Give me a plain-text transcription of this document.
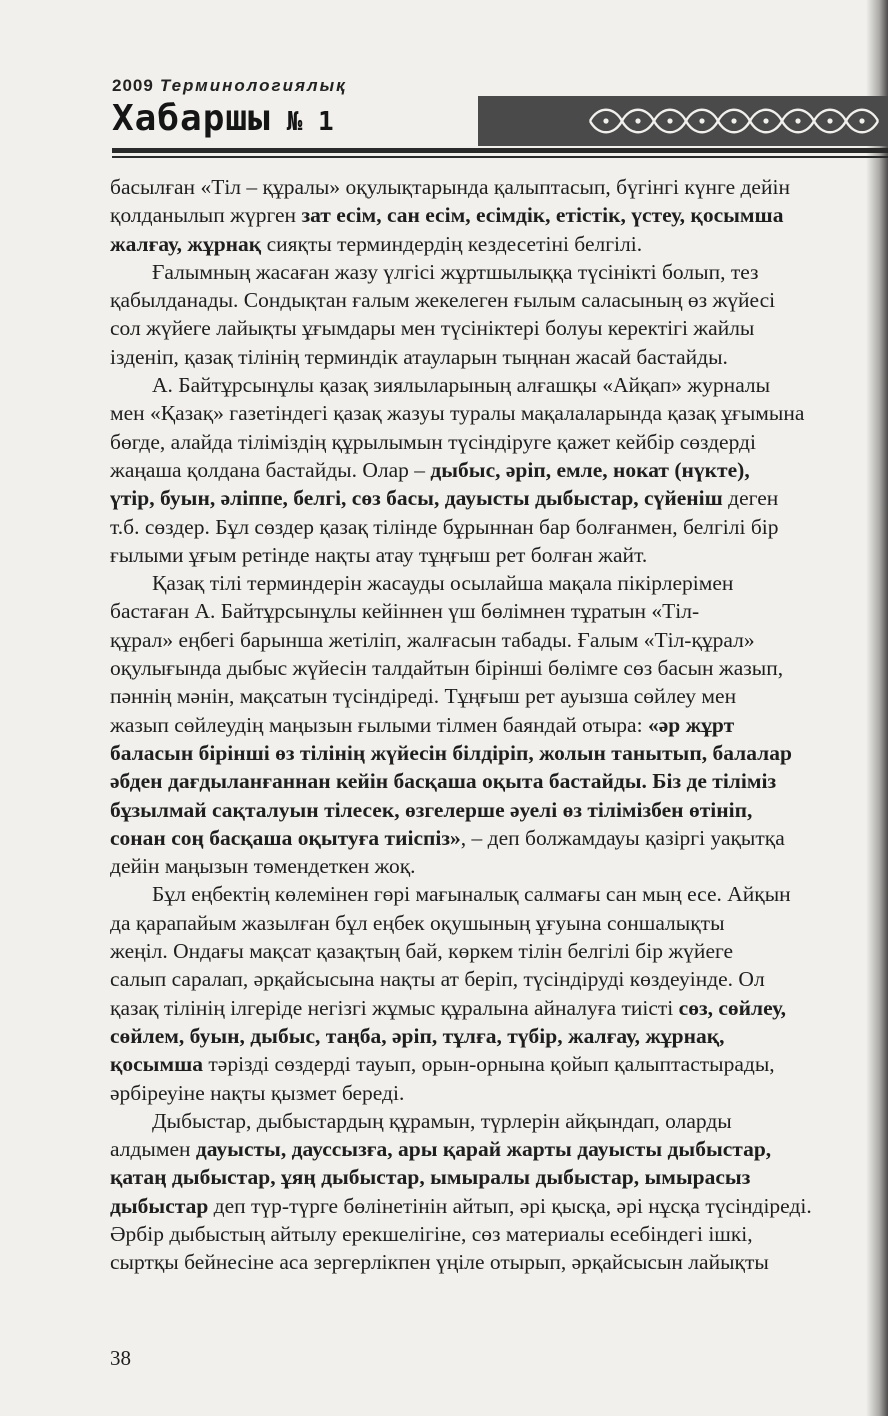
2009 Терминологиялық
Хабаршы № 1
басылған «Тіл – құралы» оқулықтарында қалыптасып, бүгінгі күнге дейін
қолданылып жүрген зат есім, сан есім, есімдік, етістік, үстеу, қосымша
жалғау, жұрнақ сияқты терминдердің кездесетіні белгілі.
Ғалымның жасаған жазу үлгісі жұртшылыққа түсінікті болып, тез
қабылданады. Сондықтан ғалым жекелеген ғылым саласының өз жүйесі
сол жүйеге лайықты ұғымдары мен түсініктері болуы керектігі жайлы
ізденіп, қазақ тілінің терминдік атауларын тыңнан жасай бастайды.
А. Байтұрсынұлы қазақ зиялыларының алғашқы «Айқап» журналы
мен «Қазақ» газетіндегі қазақ жазуы туралы мақалаларында қазақ ұғымына
бөгде, алайда тіліміздің құрылымын түсіндіруге қажет кейбір сөздерді
жаңаша қолдана бастайды. Олар – дыбыс, әріп, емле, нокат (нүкте),
үтір, буын, әліппе, белгі, сөз басы, дауысты дыбыстар, сүйеніш деген
т.б. сөздер. Бұл сөздер қазақ тілінде бұрыннан бар болғанмен, белгілі бір
ғылыми ұғым ретінде нақты атау тұңғыш рет болған жайт.
Қазақ тілі терминдерін жасауды осылайша мақала пікірлерімен
бастаған А. Байтұрсынұлы кейіннен үш бөлімнен тұратын «Тіл-
құрал» еңбегі барынша жетіліп, жалғасын табады. Ғалым «Тіл-құрал»
оқулығында дыбыс жүйесін талдайтын бірінші бөлімге сөз басын жазып,
пәннің мәнін, мақсатын түсіндіреді. Тұңғыш рет ауызша сөйлеу мен
жазып сөйлеудің маңызын ғылыми тілмен баяндай отыра: «әр жұрт
баласын бірінші өз тілінің жүйесін білдіріп, жолын танытып, балалар
әбден дағдыланғаннан кейін басқаша оқыта бастайды. Біз де тіліміз
бұзылмай сақталуын тілесек, өзгелерше әуелі өз тілімізбен өтініп,
сонан соң басқаша оқытуға тиіспіз», – деп болжамдауы қазіргі уақытқа
дейін маңызын төмендеткен жоқ.
Бұл еңбектің көлемінен гөрі мағыналық салмағы сан мың есе. Айқын
да қарапайым жазылған бұл еңбек оқушының ұғуына соншалықты
жеңіл. Ондағы мақсат қазақтың бай, көркем тілін белгілі бір жүйеге
салып саралап, әрқайсысына нақты ат беріп, түсіндіруді көздеуінде. Ол
қазақ тілінің ілгеріде негізгі жұмыс құралына айналуға тиісті сөз, сөйлеу,
сөйлем, буын, дыбыс, таңба, әріп, тұлға, түбір, жалғау, жұрнақ,
қосымша тәрізді сөздерді тауып, орын-орнына қойып қалыптастырады,
әрбіреуіне нақты қызмет береді.
Дыбыстар, дыбыстардың құрамын, түрлерін айқындап, оларды
алдымен дауысты, даусcызға, ары қарай жарты дауысты дыбыстар,
қатаң дыбыстар, ұяң дыбыстар, ымыралы дыбыстар, ымырасыз
дыбыстар деп түр-түрге бөлінетінін айтып, әрі қысқа, әрі нұсқа түсіндіреді.
Әрбір дыбыстың айтылу ерекшелігіне, сөз материалы есебіндегі ішкі,
сыртқы бейнесіне аса зергерлікпен үңіле отырып, әрқайсысын лайықты
38
